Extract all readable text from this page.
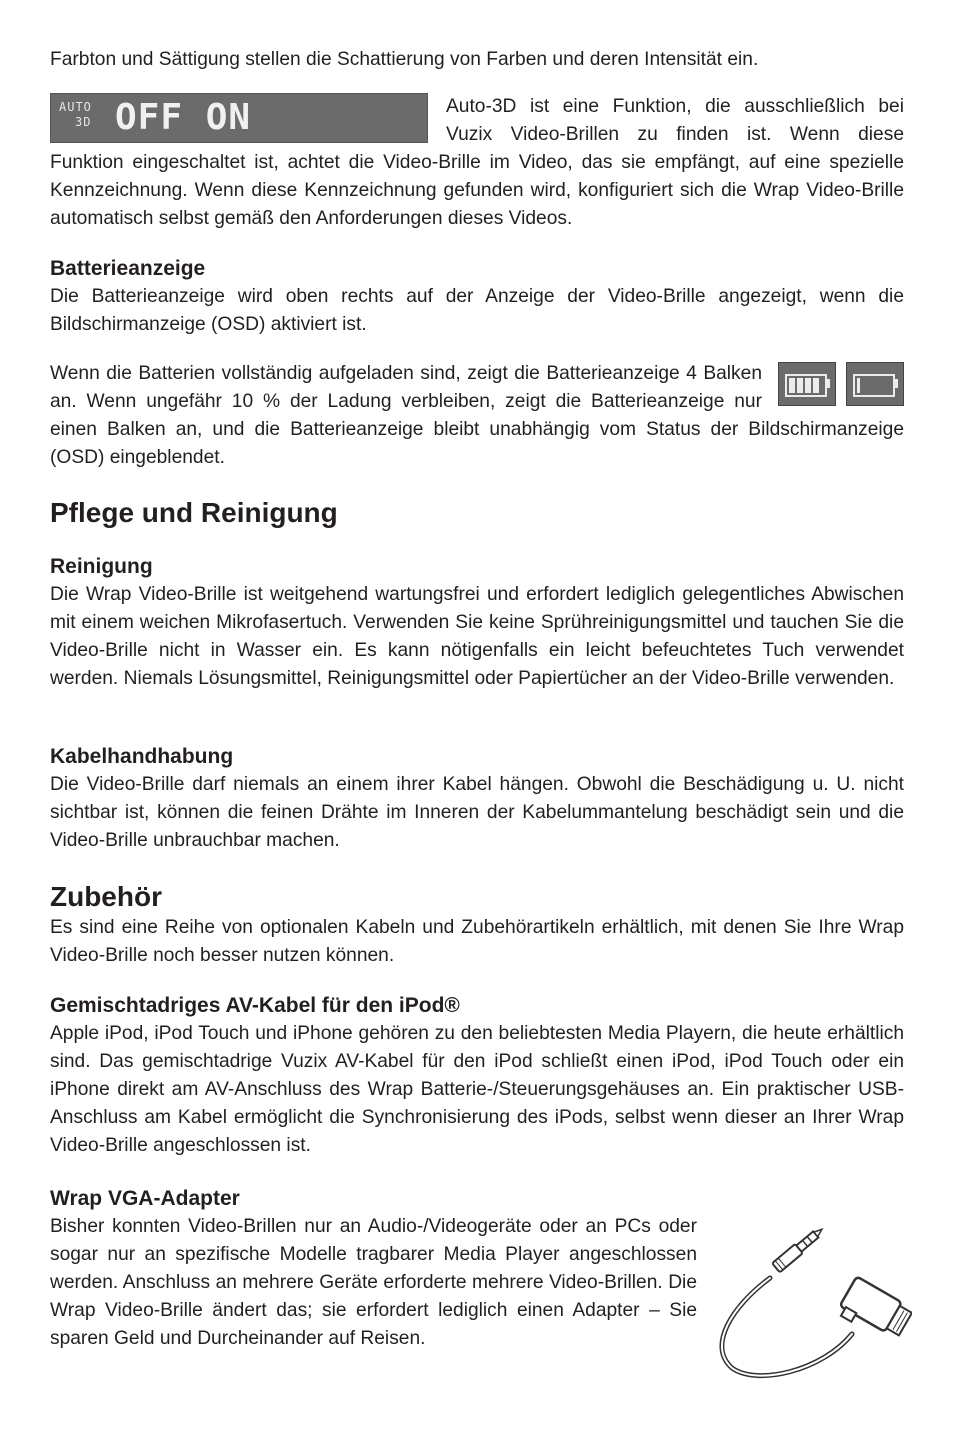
Farbton und Sättigung stellen die Schattierung von Farben und deren Intensität ein.

AUTO
3D OFF ON	Auto-3D ist eine Funktion, die ausschließlich bei Vuzix Video-Brillen zu finden ist. Wenn diese Funktion eingeschaltet ist, achtet die Video-Brille im Video, das sie empfängt, auf eine spezielle Kennzeichnung. Wenn diese Kennzeichnung gefunden wird, konfiguriert sich die Wrap Video-Brille automatisch selbst gemäß den Anforderungen dieses Videos.

Batterieanzeige

Die Batterieanzeige wird oben rechts auf der Anzeige der Video-Brille angezeigt, wenn die Bildschirmanzeige (OSD) aktiviert ist.

Wenn die Batterien vollständig aufgeladen sind, zeigt die Batterieanzeige 4 Balken an. Wenn ungefähr 10 % der Ladung verbleiben, zeigt die Batterieanzeige nur einen Balken an, und die Batterieanzeige bleibt unabhängig vom Status der Bildschirmanzeige (OSD) eingeblendet.

Pflege und Reinigung
Reinigung

Die Wrap Video-Brille ist weitgehend wartungsfrei und erfordert lediglich gelegentliches Abwischen mit einem weichen Mikrofasertuch. Verwenden Sie keine Sprühreinigungsmittel und tauchen Sie die Video-Brille nicht in Wasser ein. Es kann nötigenfalls ein leicht befeuchtetes Tuch verwendet werden. Niemals Lösungsmittel, Reinigungsmittel oder Papiertücher an der Video-Brille verwenden.

Kabelhandhabung

Die Video-Brille darf niemals an einem ihrer Kabel hängen. Obwohl die Beschädigung u. U. nicht sichtbar ist, können die feinen Drähte im Inneren der Kabelummantelung beschädigt sein und die Video-Brille unbrauchbar machen.

Zubehör

Es sind eine Reihe von optionalen Kabeln und Zubehörartikeln erhältlich, mit denen Sie Ihre Wrap Video-Brille noch besser nutzen können.

Gemischtadriges AV-Kabel für den iPod®

Apple iPod, iPod Touch und iPhone gehören zu den beliebtesten Media Playern, die heute erhältlich sind. Das gemischtadrige Vuzix AV-Kabel für den iPod schließt einen iPod, iPod Touch oder ein iPhone direkt am AV-Anschluss des Wrap Batterie-/Steuerungsgehäuses an. Ein praktischer USB-Anschluss am Kabel ermöglicht die Synchronisierung des iPods, selbst wenn dieser an Ihrer Wrap Video-Brille angeschlossen ist.

Wrap VGA-Adapter

Bisher konnten Video-Brillen nur an Audio-/Videogeräte oder an PCs oder sogar nur an spezifische Modelle tragbarer Media Player angeschlossen werden. Anschluss an mehrere Geräte erforderte mehrere Video-Brillen. Die Wrap Video-Brille ändert das; sie erfordert lediglich einen Adapter – Sie sparen Geld und Durcheinander auf Reisen.
